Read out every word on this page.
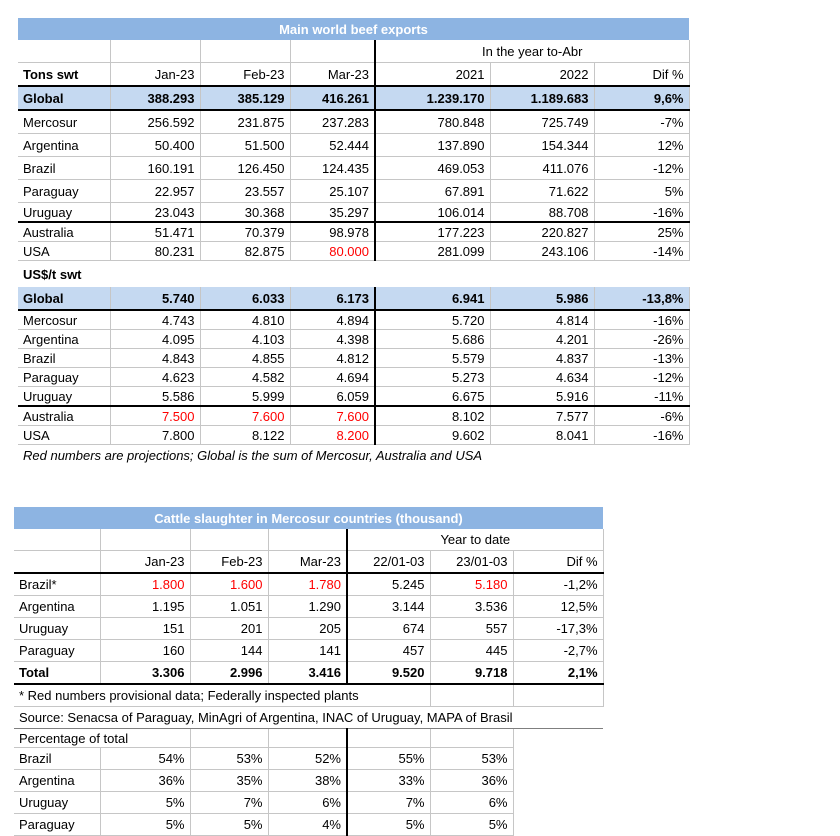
Main world beef exports						
				In the year to-Abr		
Tons swt	Jan-23	Feb-23	Mar-23	2021	2022	Dif %
Global	388.293	385.129	416.261	1.239.170	1.189.683	9,6%
Mercosur	256.592	231.875	237.283	780.848	725.749	-7%
Argentina	50.400	51.500	52.444	137.890	154.344	12%
Brazil	160.191	126.450	124.435	469.053	411.076	-12%
Paraguay	22.957	23.557	25.107	67.891	71.622	5%
Uruguay	23.043	30.368	35.297	106.014	88.708	-16%
Australia	51.471	70.379	98.978	177.223	220.827	25%
USA	80.231	82.875	80.000	281.099	243.106	-14%
US$/t swt						
Global	5.740	6.033	6.173	6.941	5.986	-13,8%
Mercosur	4.743	4.810	4.894	5.720	4.814	-16%
Argentina	4.095	4.103	4.398	5.686	4.201	-26%
Brazil	4.843	4.855	4.812	5.579	4.837	-13%
Paraguay	4.623	4.582	4.694	5.273	4.634	-12%
Uruguay	5.586	5.999	6.059	6.675	5.916	-11%
Australia	7.500	7.600	7.600	8.102	7.577	-6%
USA	7.800	8.122	8.200	9.602	8.041	-16%
Red numbers are projections; Global is the sum of Mercosur, Australia and USA						
Cattle slaughter in Mercosur countries (thousand)						
				Year to date		
	Jan-23	Feb-23	Mar-23	22/01-03	23/01-03	Dif %
Brazil*	1.800	1.600	1.780	5.245	5.180	-1,2%
Argentina	1.195	1.051	1.290	3.144	3.536	12,5%
Uruguay	151	201	205	674	557	-17,3%
Paraguay	160	144	141	457	445	-2,7%
Total	3.306	2.996	3.416	9.520	9.718	2,1%
* Red numbers provisional data; Federally inspected plants						
Source: Senacsa of Paraguay, MinAgri of Argentina, INAC of Uruguay, MAPA of Brasil						
Percentage of total						
Brazil	54%	53%	52%	55%	53%	
Argentina	36%	35%	38%	33%	36%	
Uruguay	5%	7%	6%	7%	6%	
Paraguay	5%	5%	4%	5%	5%	
